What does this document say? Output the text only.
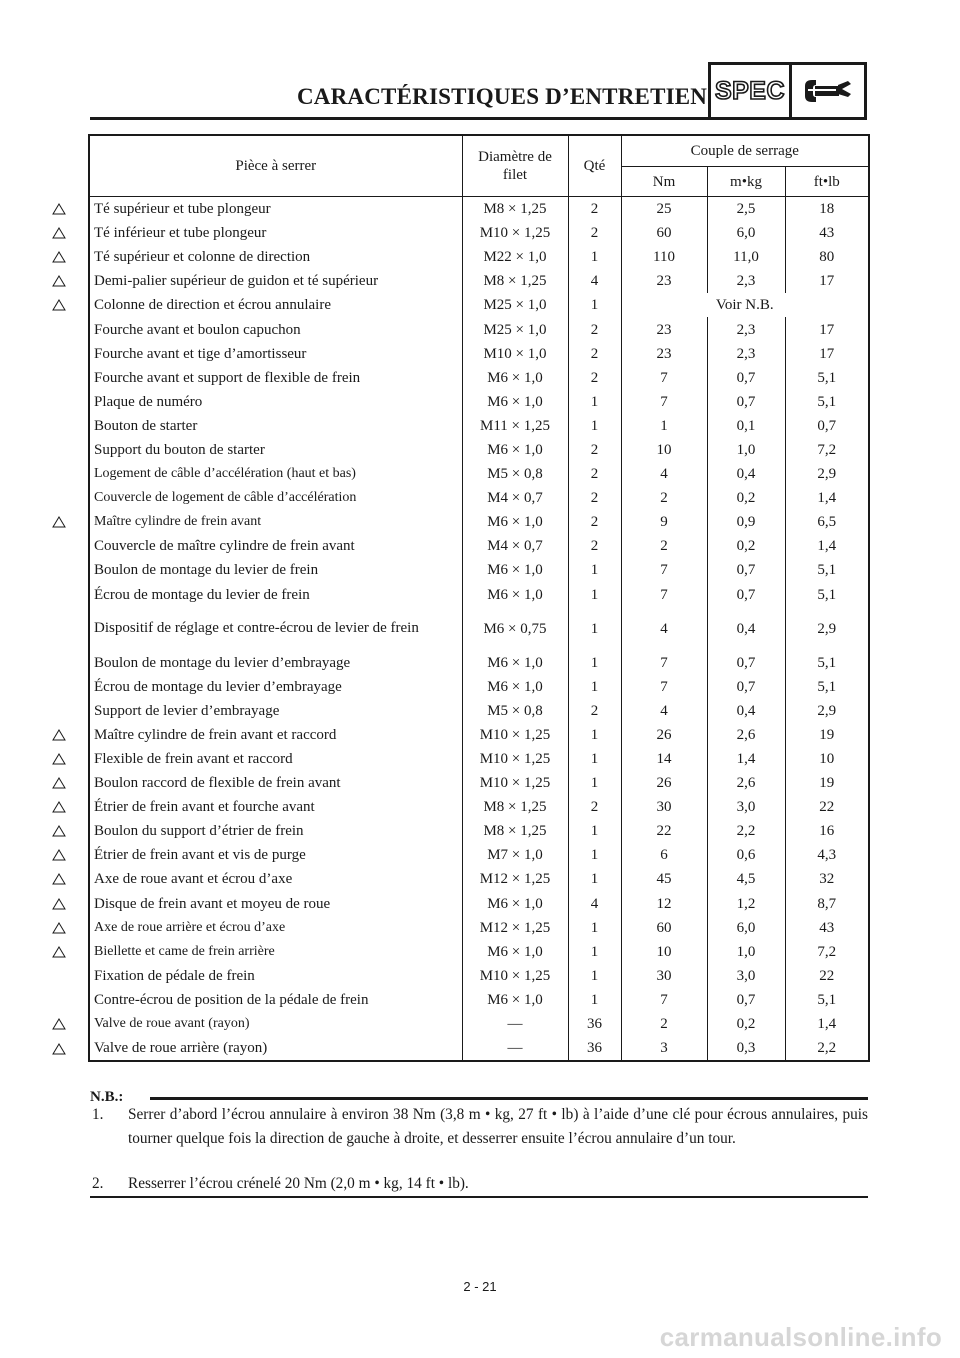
CARACTÉRISTIQUES D’ENTRETIEN SPEC
Pièce à serrer	Diamètre de filet	Qté	Couple de serrage		
			Nm	m•kg	ft•lb
Té supérieur et tube plongeur	M8 × 1,25	2	25	2,5	18
Té inférieur et tube plongeur	M10 × 1,25	2	60	6,0	43
Té supérieur et colonne de direction	M22 × 1,0	1	110	11,0	80
Demi-palier supérieur de guidon et té supérieur	M8 × 1,25	4	23	2,3	17
Colonne de direction et écrou annulaire	M25 × 1,0	1	Voir N.B.		
Fourche avant et boulon capuchon	M25 × 1,0	2	23	2,3	17
Fourche avant et tige d’amortisseur	M10 × 1,0	2	23	2,3	17
Fourche avant et support de flexible de frein	M6 × 1,0	2	7	0,7	5,1
Plaque de numéro	M6 × 1,0	1	7	0,7	5,1
Bouton de starter	M11 × 1,25	1	1	0,1	0,7
Support du bouton de starter	M6 × 1,0	2	10	1,0	7,2
Logement de câble d’accélération (haut et bas)	M5 × 0,8	2	4	0,4	2,9
Couvercle de logement de câble d’accélération	M4 × 0,7	2	2	0,2	1,4
Maître cylindre de frein avant	M6 × 1,0	2	9	0,9	6,5
Couvercle de maître cylindre de frein avant	M4 × 0,7	2	2	0,2	1,4
Boulon de montage du levier de frein	M6 × 1,0	1	7	0,7	5,1
Écrou de montage du levier de frein	M6 × 1,0	1	7	0,7	5,1
Dispositif de réglage et contre-écrou de levier de frein	M6 × 0,75	1	4	0,4	2,9
Boulon de montage du levier d’embrayage	M6 × 1,0	1	7	0,7	5,1
Écrou de montage du levier d’embrayage	M6 × 1,0	1	7	0,7	5,1
Support de levier d’embrayage	M5 × 0,8	2	4	0,4	2,9
Maître cylindre de frein avant et raccord	M10 × 1,25	1	26	2,6	19
Flexible de frein avant et raccord	M10 × 1,25	1	14	1,4	10
Boulon raccord de flexible de frein avant	M10 × 1,25	1	26	2,6	19
Étrier de frein avant et fourche avant	M8 × 1,25	2	30	3,0	22
Boulon du support d’étrier de frein	M8 × 1,25	1	22	2,2	16
Étrier de frein avant et vis de purge	M7 × 1,0	1	6	0,6	4,3
Axe de roue avant et écrou d’axe	M12 × 1,25	1	45	4,5	32
Disque de frein avant et moyeu de roue	M6 × 1,0	4	12	1,2	8,7
Axe de roue arrière et écrou d’axe	M12 × 1,25	1	60	6,0	43
Biellette et came de frein arrière	M6 × 1,0	1	10	1,0	7,2
Fixation de pédale de frein	M10 × 1,25	1	30	3,0	22
Contre-écrou de position de la pédale de frein	M6 × 1,0	1	7	0,7	5,1
Valve de roue avant (rayon)	—	36	2	0,2	1,4
Valve de roue arrière (rayon)	—	36	3	0,3	2,2
N.B.:
1. Serrer d’abord l’écrou annulaire à environ 38 Nm (3,8 m • kg, 27 ft • lb) à l’aide d’une clé pour écrous annulaires, puis tourner quelque fois la direction de gauche à droite, et desserrer ensuite l’écrou annulaire d’un tour.
2. Resserrer l’écrou crénelé 20 Nm (2,0 m • kg, 14 ft • lb).
2 - 21
carmanualsonline.info
